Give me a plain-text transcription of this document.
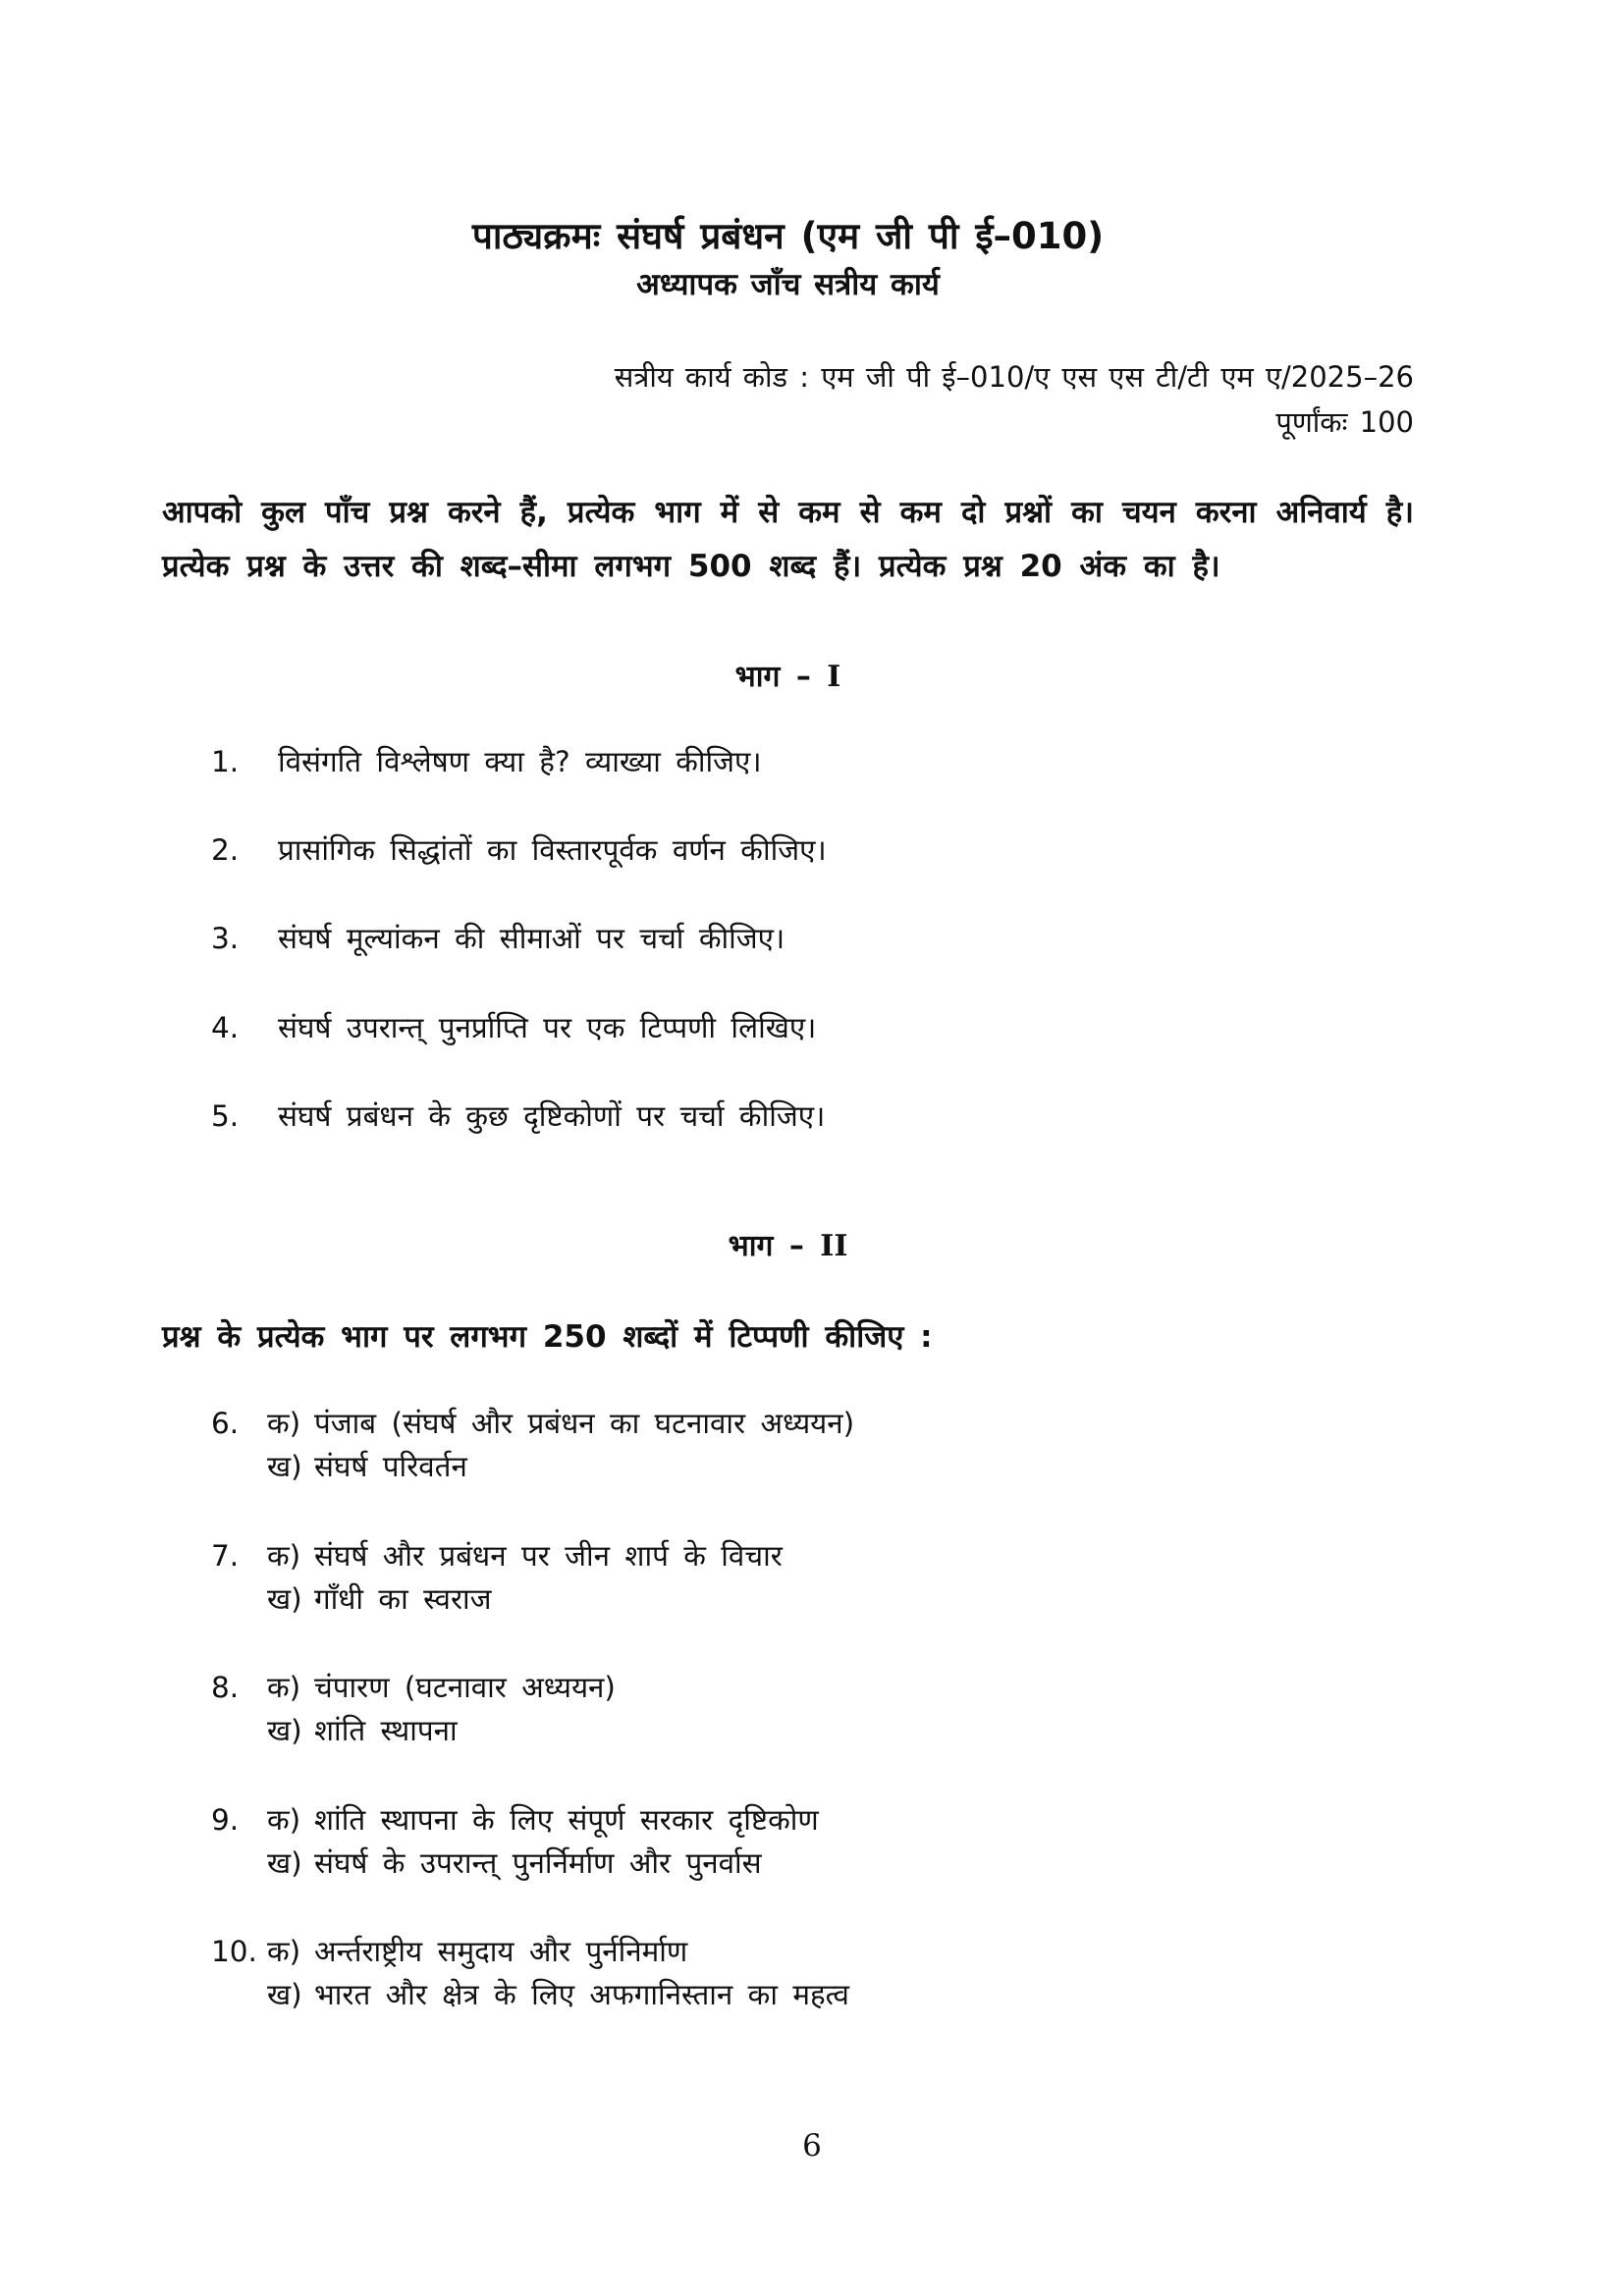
पाठ्यक्रमः संघर्ष प्रबंधन (एम जी पी ई–010)
अध्यापक जाँच सत्रीय कार्य
सत्रीय कार्य कोड : एम जी पी ई–010/ए एस एस टी/टी एम ए/2025–26
पूर्णांकः 100

आपको कुल पाँच प्रश्न करने हैं, प्रत्येक भाग में से कम से कम दो प्रश्नों का चयन करना अनिवार्य है। प्रत्येक प्रश्न के उत्तर की शब्द–सीमा लगभग 500 शब्द हैं। प्रत्येक प्रश्न 20 अंक का है।

भाग – I
1.	विसंगति विश्लेषण क्या है? व्याख्या कीजिए।
2.	प्रासांगिक सिद्धांतों का विस्तारपूर्वक वर्णन कीजिए।
3.	संघर्ष मूल्यांकन की सीमाओं पर चर्चा कीजिए।
4.	संघर्ष उपरान्त् पुनर्प्राप्ति पर एक टिप्पणी लिखिए।
5.	संघर्ष प्रबंधन के कुछ दृष्टिकोणों पर चर्चा कीजिए।
भाग – II

प्रश्न के प्रत्येक भाग पर लगभग 250 शब्दों में टिप्पणी कीजिए :

6. क) पंजाब (संघर्ष और प्रबंधन का घटनावार अध्ययन)
ख) संघर्ष परिवर्तन
7. क) संघर्ष और प्रबंधन पर जीन शार्प के विचार
ख) गाँधी का स्वराज
8. क) चंपारण (घटनावार अध्ययन)
ख) शांति स्थापना
9. क) शांति स्थापना के लिए संपूर्ण सरकार दृष्टिकोण
ख) संघर्ष के उपरान्त् पुनर्निर्माण और पुनर्वास
10. क) अर्न्तराष्ट्रीय समुदाय और पुर्ननिर्माण
ख) भारत और क्षेत्र के लिए अफगानिस्तान का महत्व
6
